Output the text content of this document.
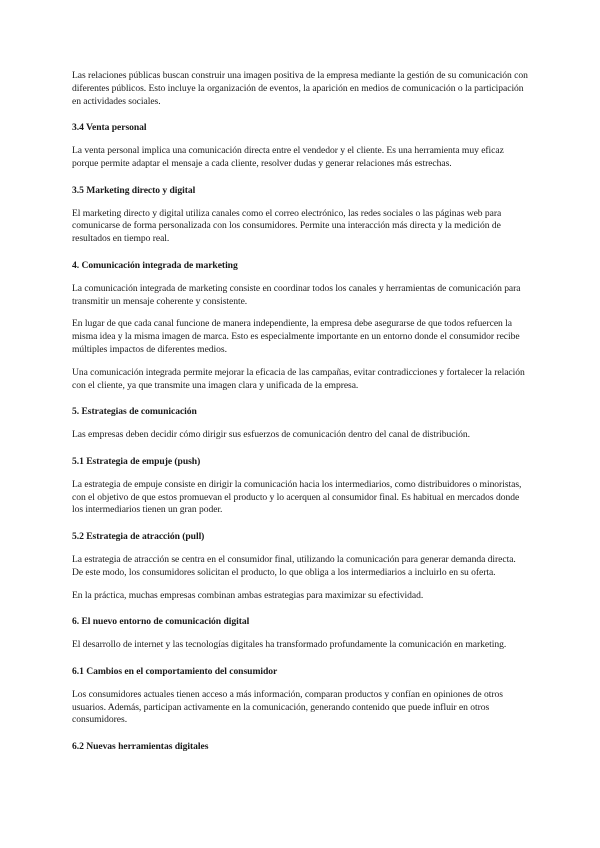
Las relaciones públicas buscan construir una imagen positiva de la empresa mediante la gestión de su comunicación con diferentes públicos. Esto incluye la organización de eventos, la aparición en medios de comunicación o la participación en actividades sociales.

3.4 Venta personal

La venta personal implica una comunicación directa entre el vendedor y el cliente. Es una herramienta muy eficaz porque permite adaptar el mensaje a cada cliente, resolver dudas y generar relaciones más estrechas.

3.5 Marketing directo y digital

El marketing directo y digital utiliza canales como el correo electrónico, las redes sociales o las páginas web para comunicarse de forma personalizada con los consumidores. Permite una interacción más directa y la medición de resultados en tiempo real.

4. Comunicación integrada de marketing

La comunicación integrada de marketing consiste en coordinar todos los canales y herramientas de comunicación para transmitir un mensaje coherente y consistente.

En lugar de que cada canal funcione de manera independiente, la empresa debe asegurarse de que todos refuercen la misma idea y la misma imagen de marca. Esto es especialmente importante en un entorno donde el consumidor recibe múltiples impactos de diferentes medios.

Una comunicación integrada permite mejorar la eficacia de las campañas, evitar contradicciones y fortalecer la relación con el cliente, ya que transmite una imagen clara y unificada de la empresa.

5. Estrategias de comunicación

Las empresas deben decidir cómo dirigir sus esfuerzos de comunicación dentro del canal de distribución.

5.1 Estrategia de empuje (push)

La estrategia de empuje consiste en dirigir la comunicación hacia los intermediarios, como distribuidores o minoristas, con el objetivo de que estos promuevan el producto y lo acerquen al consumidor final. Es habitual en mercados donde los intermediarios tienen un gran poder.

5.2 Estrategia de atracción (pull)

La estrategia de atracción se centra en el consumidor final, utilizando la comunicación para generar demanda directa. De este modo, los consumidores solicitan el producto, lo que obliga a los intermediarios a incluirlo en su oferta.

En la práctica, muchas empresas combinan ambas estrategias para maximizar su efectividad.

6. El nuevo entorno de comunicación digital

El desarrollo de internet y las tecnologías digitales ha transformado profundamente la comunicación en marketing.

6.1 Cambios en el comportamiento del consumidor

Los consumidores actuales tienen acceso a más información, comparan productos y confían en opiniones de otros usuarios. Además, participan activamente en la comunicación, generando contenido que puede influir en otros consumidores.

6.2 Nuevas herramientas digitales
